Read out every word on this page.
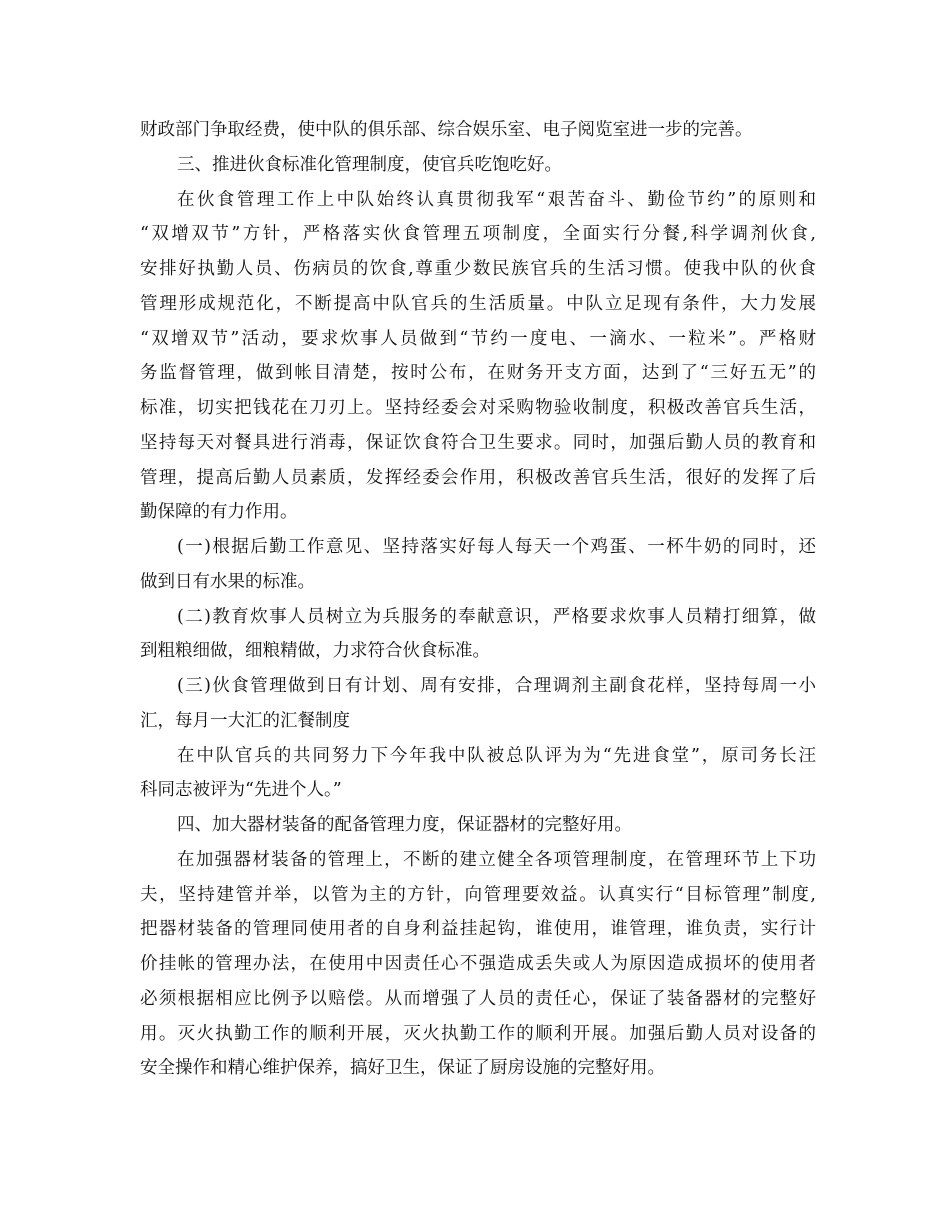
财政部门争取经费，使中队的俱乐部、综合娱乐室、电子阅览室进一步的完善。
三、推进伙食标准化管理制度，使官兵吃饱吃好。
在伙食管理工作上中队始终认真贯彻我军“艰苦奋斗、勤俭节约”的原则和
“双增双节”方针，严格落实伙食管理五项制度，全面实行分餐,科学调剂伙食,
安排好执勤人员、伤病员的饮食,尊重少数民族官兵的生活习惯。使我中队的伙食
管理形成规范化，不断提高中队官兵的生活质量。中队立足现有条件，大力发展
“双增双节”活动，要求炊事人员做到“节约一度电、一滴水、一粒米”。严格财
务监督管理，做到帐目清楚，按时公布，在财务开支方面，达到了“三好五无”的
标准，切实把钱花在刀刃上。坚持经委会对采购物验收制度，积极改善官兵生活，
坚持每天对餐具进行消毒，保证饮食符合卫生要求。同时，加强后勤人员的教育和
管理，提高后勤人员素质，发挥经委会作用，积极改善官兵生活，很好的发挥了后
勤保障的有力作用。
(一)根据后勤工作意见、坚持落实好每人每天一个鸡蛋、一杯牛奶的同时，还
做到日有水果的标准。
(二)教育炊事人员树立为兵服务的奉献意识，严格要求炊事人员精打细算，做
到粗粮细做，细粮精做，力求符合伙食标准。
(三)伙食管理做到日有计划、周有安排，合理调剂主副食花样，坚持每周一小
汇，每月一大汇的汇餐制度
在中队官兵的共同努力下今年我中队被总队评为为“先进食堂”，原司务长汪
科同志被评为“先进个人。”
四、加大器材装备的配备管理力度，保证器材的完整好用。
在加强器材装备的管理上，不断的建立健全各项管理制度，在管理环节上下功
夫，坚持建管并举，以管为主的方针，向管理要效益。认真实行“目标管理”制度,
把器材装备的管理同使用者的自身利益挂起钩，谁使用，谁管理，谁负责，实行计
价挂帐的管理办法，在使用中因责任心不强造成丢失或人为原因造成损坏的使用者
必须根据相应比例予以赔偿。从而增强了人员的责任心，保证了装备器材的完整好
用。灭火执勤工作的顺利开展，灭火执勤工作的顺利开展。加强后勤人员对设备的
安全操作和精心维护保养，搞好卫生，保证了厨房设施的完整好用。
